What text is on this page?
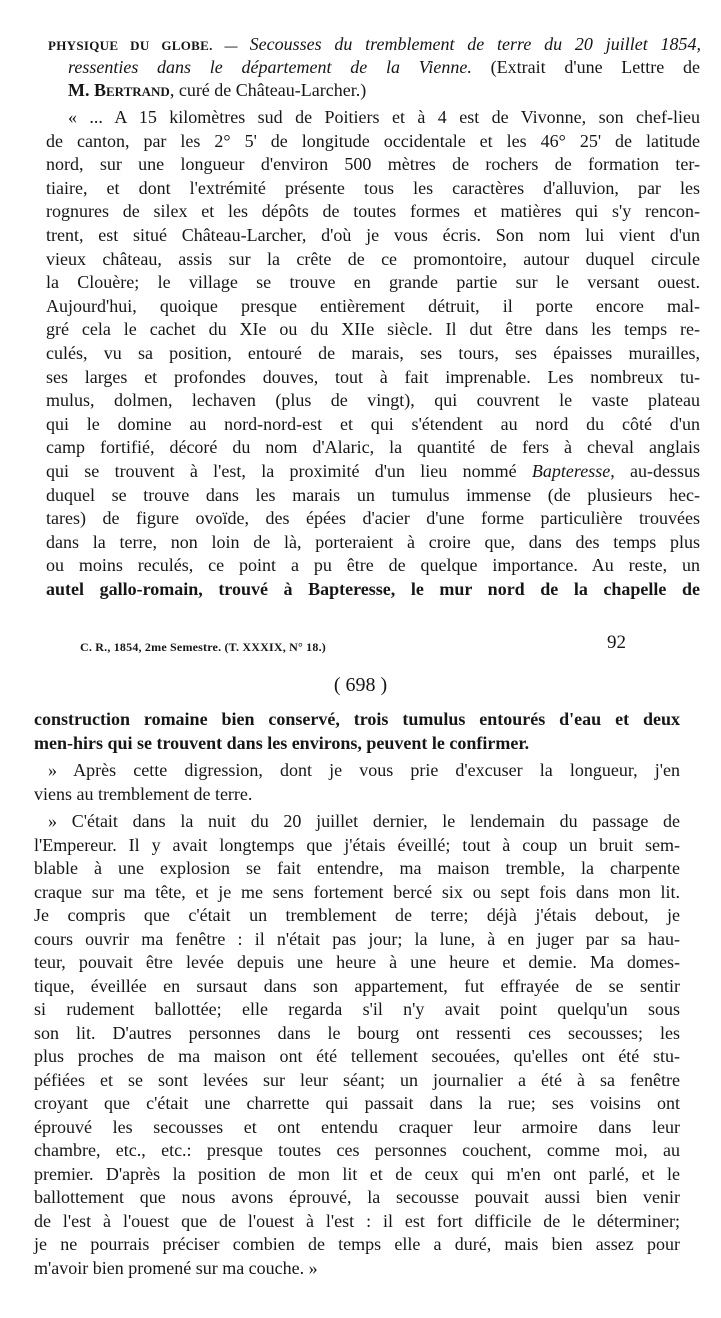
PHYSIQUE DU GLOBE. — Secousses du tremblement de terre du 20 juillet 1854,
ressenties dans le département de la Vienne. (Extrait d'une Lettre de
M. Bertrand, curé de Château-Larcher.)
« ... A 15 kilomètres sud de Poitiers et à 4 est de Vivonne, son chef-lieu
de canton, par les 2° 5' de longitude occidentale et les 46° 25' de latitude
nord, sur une longueur d'environ 500 mètres de rochers de formation ter-
tiaire, et dont l'extrémité présente tous les caractères d'alluvion, par les
rognures de silex et les dépôts de toutes formes et matières qui s'y rencon-
trent, est situé Château-Larcher, d'où je vous écris. Son nom lui vient d'un
vieux château, assis sur la crête de ce promontoire, autour duquel circule
la Clouère; le village se trouve en grande partie sur le versant ouest.
Aujourd'hui, quoique presque entièrement détruit, il porte encore mal-
gré cela le cachet du XIe ou du XIIe siècle. Il dut être dans les temps re-
culés, vu sa position, entouré de marais, ses tours, ses épaisses murailles,
ses larges et profondes douves, tout à fait imprenable. Les nombreux tu-
mulus, dolmen, lechaven (plus de vingt), qui couvrent le vaste plateau
qui le domine au nord-nord-est et qui s'étendent au nord du côté d'un
camp fortifié, décoré du nom d'Alaric, la quantité de fers à cheval anglais
qui se trouvent à l'est, la proximité d'un lieu nommé Bapteresse, au-dessus
duquel se trouve dans les marais un tumulus immense (de plusieurs hec-
tares) de figure ovoïde, des épées d'acier d'une forme particulière trouvées
dans la terre, non loin de là, porteraient à croire que, dans des temps plus
ou moins reculés, ce point a pu être de quelque importance. Au reste, un
autel gallo-romain, trouvé à Bapteresse, le mur nord de la chapelle de
C. R., 1854, 2me Semestre. (T. XXXIX, N° 18.)	92
( 698 )
construction romaine bien conservé, trois tumulus entourés d'eau et deux
men-hirs qui se trouvent dans les environs, peuvent le confirmer.
» Après cette digression, dont je vous prie d'excuser la longueur, j'en
viens au tremblement de terre.
» C'était dans la nuit du 20 juillet dernier, le lendemain du passage de
l'Empereur. Il y avait longtemps que j'étais éveillé; tout à coup un bruit sem-
blable à une explosion se fait entendre, ma maison tremble, la charpente
craque sur ma tête, et je me sens fortement bercé six ou sept fois dans mon lit.
Je compris que c'était un tremblement de terre; déjà j'étais debout, je
cours ouvrir ma fenêtre : il n'était pas jour; la lune, à en juger par sa hau-
teur, pouvait être levée depuis une heure à une heure et demie. Ma domes-
tique, éveillée en sursaut dans son appartement, fut effrayée de se sentir
si rudement ballottée; elle regarda s'il n'y avait point quelqu'un sous
son lit. D'autres personnes dans le bourg ont ressenti ces secousses; les
plus proches de ma maison ont été tellement secouées, qu'elles ont été stu-
péfiées et se sont levées sur leur séant; un journalier a été à sa fenêtre
croyant que c'était une charrette qui passait dans la rue; ses voisins ont
éprouvé les secousses et ont entendu craquer leur armoire dans leur
chambre, etc., etc.: presque toutes ces personnes couchent, comme moi, au
premier. D'après la position de mon lit et de ceux qui m'en ont parlé, et le
ballottement que nous avons éprouvé, la secousse pouvait aussi bien venir
de l'est à l'ouest que de l'ouest à l'est : il est fort difficile de le déterminer;
je ne pourrais préciser combien de temps elle a duré, mais bien assez pour
m'avoir bien promené sur ma couche. »
